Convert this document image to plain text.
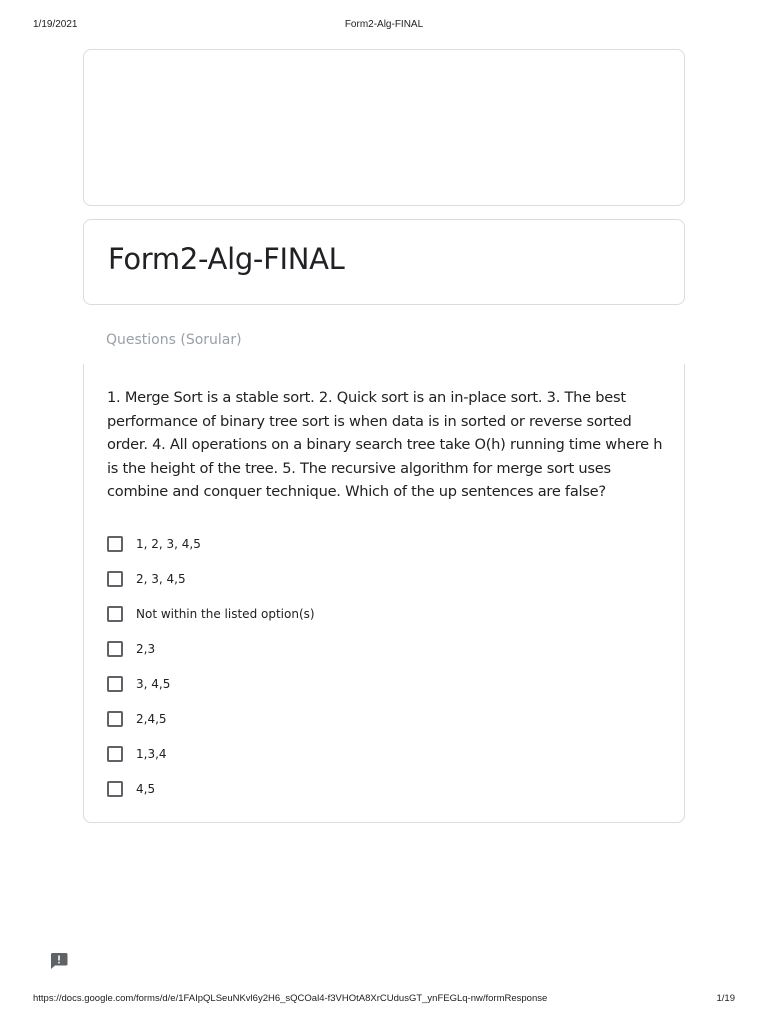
1/19/2021	Form2-Alg-FINAL
Form2-Alg-FINAL
Questions (Sorular)
1. Merge Sort is a stable sort. 2. Quick sort is an in-place sort. 3. The best performance of binary tree sort is when data is in sorted or reverse sorted order. 4. All operations on a binary search tree take O(h) running time where h is the height of the tree. 5. The recursive algorithm for merge sort uses combine and conquer technique. Which of the up sentences are false?
1, 2, 3, 4,5
2, 3, 4,5
Not within the listed option(s)
2,3
3, 4,5
2,4,5
1,3,4
4,5
https://docs.google.com/forms/d/e/1FAIpQLSeuNKvl6y2H6_sQCOal4-f3VHOtA8XrCUdusGT_ynFEGLq-nw/formResponse	1/19
